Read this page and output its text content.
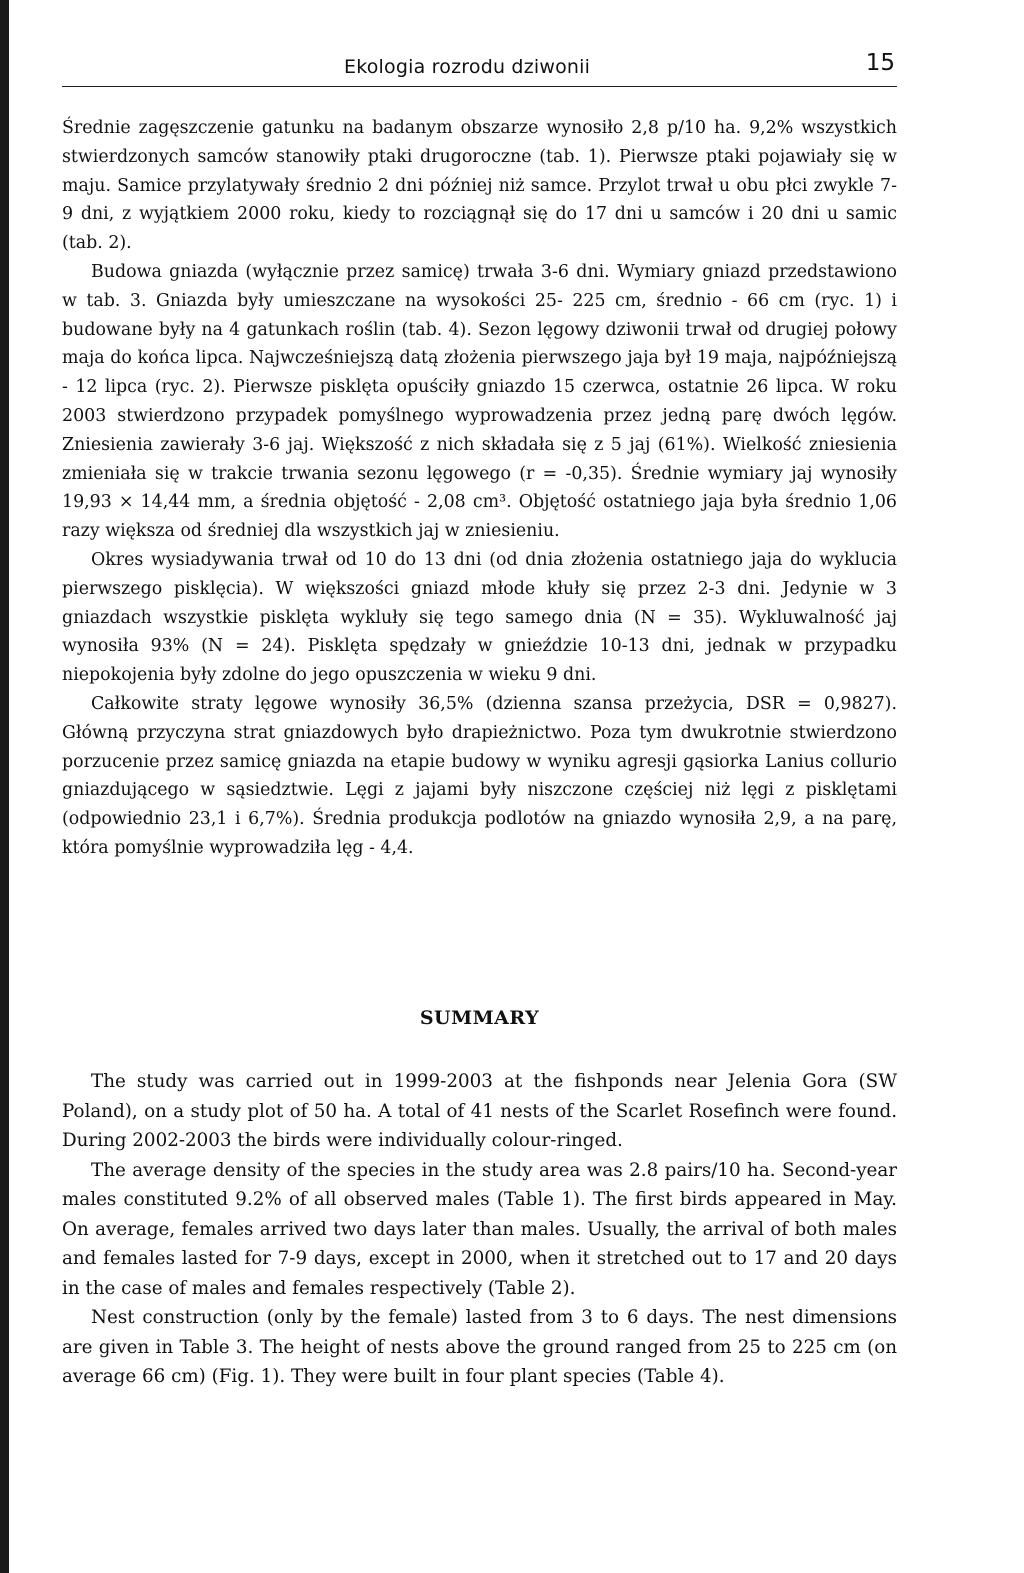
Ekologia rozrodu dziwonii	15

Średnie zagęszczenie gatunku na badanym obszarze wynosiło 2,8 p/10 ha. 9,2% wszystkich stwierdzonych samców stanowiły ptaki drugoroczne (tab. 1). Pierwsze ptaki pojawiały się w maju. Samice przylatywały średnio 2 dni później niż samce. Przylot trwał u obu płci zwykle 7-9 dni, z wyjątkiem 2000 roku, kiedy to rozciągnął się do 17 dni u samców i 20 dni u samic (tab. 2).

Budowa gniazda (wyłącznie przez samicę) trwała 3-6 dni. Wymiary gniazd przedstawiono w tab. 3. Gniazda były umieszczane na wysokości 25- 225 cm, średnio - 66 cm (ryc. 1) i budowane były na 4 gatunkach roślin (tab. 4). Sezon lęgowy dziwonii trwał od drugiej połowy maja do końca lipca. Najwcześniejszą datą złożenia pierwszego jaja był 19 maja, najpóźniejszą - 12 lipca (ryc. 2). Pierwsze pisklęta opuściły gniazdo 15 czerwca, ostatnie 26 lipca. W roku 2003 stwierdzono przypadek pomyślnego wyprowadzenia przez jedną parę dwóch lęgów. Zniesienia zawierały 3-6 jaj. Większość z nich składała się z 5 jaj (61%). Wielkość zniesienia zmieniała się w trakcie trwania sezonu lęgowego (r = -0,35). Średnie wymiary jaj wynosiły 19,93 × 14,44 mm, a średnia objętość - 2,08 cm³. Objętość ostatniego jaja była średnio 1,06 razy większa od średniej dla wszystkich jaj w zniesieniu.

Okres wysiadywania trwał od 10 do 13 dni (od dnia złożenia ostatniego jaja do wyklucia pierwszego pisklęcia). W większości gniazd młode kłuły się przez 2-3 dni. Jedynie w 3 gniazdach wszystkie pisklęta wykluły się tego samego dnia (N = 35). Wykluwalność jaj wynosiła 93% (N = 24). Pisklęta spędzały w gnieździe 10-13 dni, jednak w przypadku niepokojenia były zdolne do jego opuszczenia w wieku 9 dni.

Całkowite straty lęgowe wynosiły 36,5% (dzienna szansa przeżycia, DSR = 0,9827). Główną przyczyna strat gniazdowych było drapieżnictwo. Poza tym dwukrotnie stwierdzono porzucenie przez samicę gniazda na etapie budowy w wyniku agresji gąsiorka Lanius collurio gniazdującego w sąsiedztwie. Lęgi z jajami były niszczone częściej niż lęgi z pisklętami (odpowiednio 23,1 i 6,7%). Średnia produkcja podlotów na gniazdo wynosiła 2,9, a na parę, która pomyślnie wyprowadziła lęg - 4,4.

SUMMARY

The study was carried out in 1999-2003 at the fishponds near Jelenia Gora (SW Poland), on a study plot of 50 ha. A total of 41 nests of the Scarlet Rosefinch were found. During 2002-2003 the birds were individually colour-ringed.

The average density of the species in the study area was 2.8 pairs/10 ha. Second-year males constituted 9.2% of all observed males (Table 1). The first birds appeared in May. On average, females arrived two days later than males. Usually, the arrival of both males and females lasted for 7-9 days, except in 2000, when it stretched out to 17 and 20 days in the case of males and females respectively (Table 2).

Nest construction (only by the female) lasted from 3 to 6 days. The nest dimensions are given in Table 3. The height of nests above the ground ranged from 25 to 225 cm (on average 66 cm) (Fig. 1). They were built in four plant species (Table 4).
